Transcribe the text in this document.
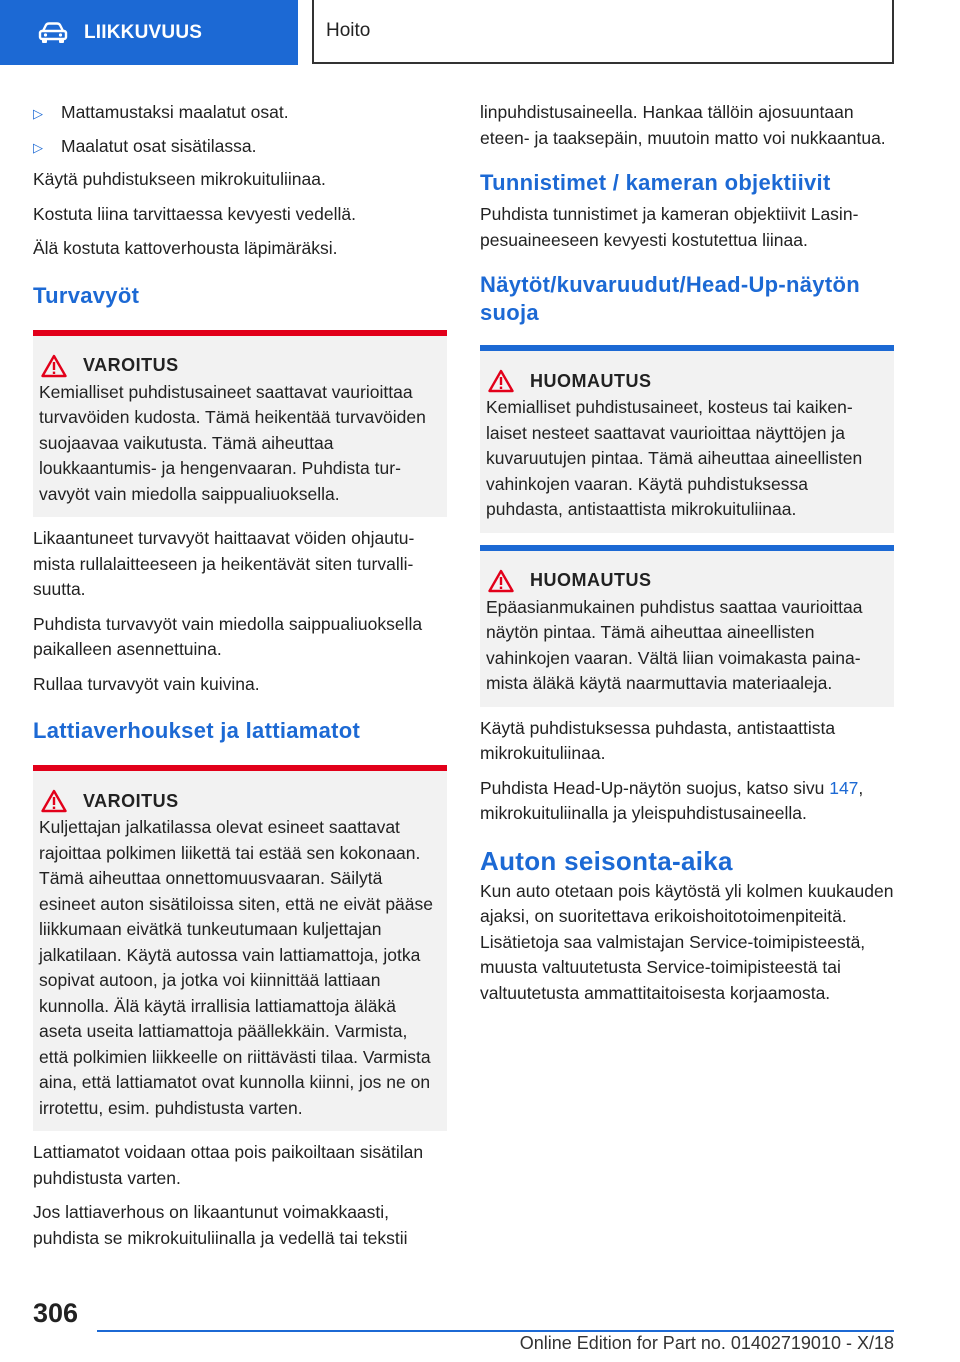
LIIKKUVUUS	Hoito
▷	Mattamustaksi maalatut osat.
▷	Maalatut osat sisätilassa.

Käytä puhdistukseen mikrokuituliinaa.

Kostuta liina tarvittaessa kevyesti vedellä.

Älä kostuta kattoverhousta läpimäräksi.

Turvavyöt
VAROITUS

Kemialliset puhdistusaineet saattavat vaurioittaa turvavöiden kudosta. Tämä heikentää turvavöiden suojaavaa vaikutusta. Tämä aiheuttaa loukkaantumis- ja hengenvaaran. Puhdista turvavyöt vain miedolla saippualiuoksella.

Likaantuneet turvavyöt haittaavat vöiden ohjautumista rullalaitteeseen ja heikentävät siten turvallisuutta.

Puhdista turvavyöt vain miedolla saippualiuoksella paikalleen asennettuina.

Rullaa turvavyöt vain kuivina.

Lattiaverhoukset ja lattiamatot
VAROITUS

Kuljettajan jalkatilassa olevat esineet saattavat rajoittaa polkimen liikettä tai estää sen kokonaan. Tämä aiheuttaa onnettomuusvaaran. Säilytä esineet auton sisätiloissa siten, että ne eivät pääse liikkumaan eivätkä tunkeutumaan kuljettajan jalkatilaan. Käytä autossa vain lattiamattoja, jotka sopivat autoon, ja jotka voi kiinnittää lattiaan kunnolla. Älä käytä irrallisia lattiamattoja äläkä aseta useita lattiamattoja päällekkäin. Varmista, että polkimien liikkeelle on riittävästi tilaa. Varmista aina, että lattiamatot ovat kunnolla kiinni, jos ne on irrotettu, esim. puhdistusta varten.

Lattiamatot voidaan ottaa pois paikoiltaan sisätilan puhdistusta varten.

Jos lattiaverhous on likaantunut voimakkaasti, puhdista se mikrokuituliinalla ja vedellä tai tekstii

linpuhdistusaineella. Hankaa tällöin ajosuuntaan eteen- ja taaksepäin, muutoin matto voi nukkaantua.

Tunnistimet / kameran objektiivit

Puhdista tunnistimet ja kameran objektiivit Lasinpesuaineeseen kevyesti kostutettua liinaa.

Näytöt/kuvaruudut/Head-Up-näytön suoja
HUOMAUTUS

Kemialliset puhdistusaineet, kosteus tai kaikenlaiset nesteet saattavat vaurioittaa näyttöjen ja kuvaruutujen pintaa. Tämä aiheuttaa aineellisten vahinkojen vaaran. Käytä puhdistuksessa puhdasta, antistaattista mikrokuituliinaa.

HUOMAUTUS

Epäasianmukainen puhdistus saattaa vaurioittaa näytön pintaa. Tämä aiheuttaa aineellisten vahinkojen vaaran. Vältä liian voimakasta painamista äläkä käytä naarmuttavia materiaaleja.

Käytä puhdistuksessa puhdasta, antistaattista mikrokuituliinaa.

Puhdista Head-Up-näytön suojus, katso sivu 147, mikrokuituliinalla ja yleispuhdistusaineella.

Auton seisonta-aika

Kun auto otetaan pois käytöstä yli kolmen kuukauden ajaksi, on suoritettava erikoishoitotoimenpiteitä. Lisätietoja saa valmistajan Service-toimipisteestä, muusta valtuutetusta Service-toimipisteestä tai valtuutetusta ammattitaitoisesta korjaamosta.

306
Online Edition for Part no. 01402719010 - X/18
